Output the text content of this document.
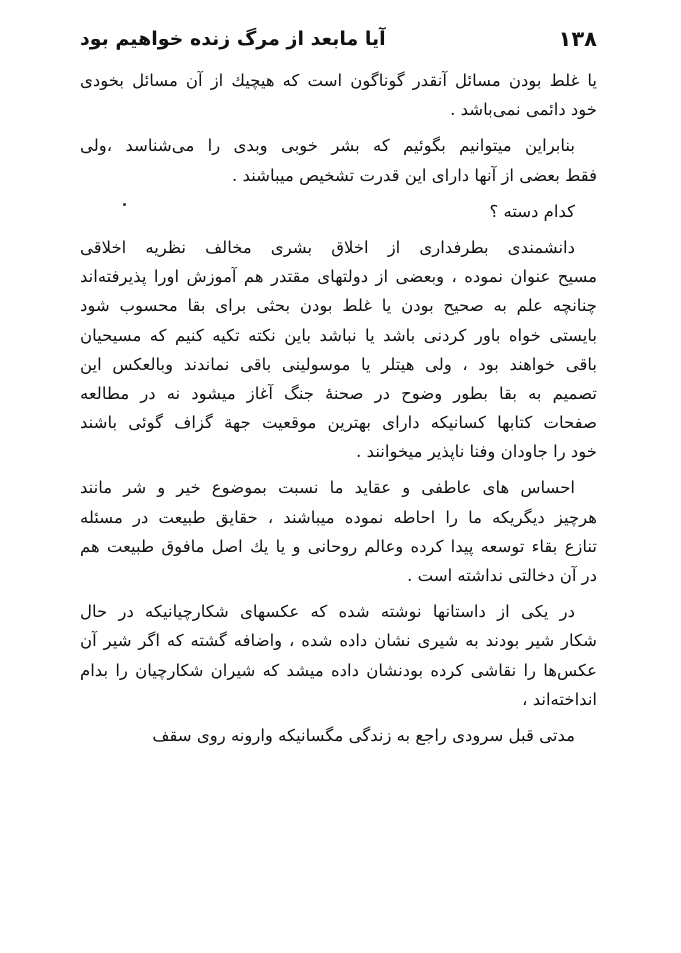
۱۳۸
آیا مابعد از مرگ زنده خواهیم بود
یا غلط بودن مسائل آنقدر گوناگون است که هیچیك از آن مسائل بخودی
خود دائمی نمی‌باشد .
بنابراین میتوانیم بگوئیم که بشر خوبی وبدی را می‌شناسد ،ولی
فقط بعضی از آنها دارای این قدرت تشخیص میباشند .
کدام دسته ؟
دانشمندی بطرفداری از اخلاق بشری مخالف نظریه اخلاقی
مسیح عنوان نموده ، وبعضی از دولتهای مقتدر هم آموزش اورا پذیرفته‌اند
چنانچه علم به صحیح بودن یا غلط بودن بحثی برای بقا محسوب شود
بایستی خواه باور کردنی باشد یا نباشد باین نکته تکیه کنیم که مسیحیان
باقی خواهند بود ، ولی هیتلر یا موسولینی باقی نماندند وبالعکس این
تصمیم به بقا بطور وضوح در صحنهٔ جنگ آغاز میشود نه در مطالعه
صفحات کتابها کسانیکه دارای بهترین موقعیت جهة گزاف گوئی باشند
خود را جاودان وفنا ناپذیر میخوانند .
احساس های عاطفی و عقاید ما نسبت بموضوع خیر و شر مانند
هرچیز دیگریکه ما را احاطه نموده میباشند ، حقایق طبیعت در مسئله
تنازع بقاء توسعه پیدا کرده وعالم روحانی و یا یك اصل مافوق طبیعت هم
در آن دخالتی نداشته است .
در یکی از داستانها نوشته شده که عکسهای شکارچیانیکه در حال
شکار شیر بودند به شیری نشان داده شده ، واضافه گشته که اگر شیر آن
عکس‌ها را نقاشی کرده بودنشان داده میشد که شیران شکارچیان را بدام
انداخته‌اند ،
مدتی قبل سرودی راجع به زندگی مگسانیکه وارونه روی سقف
